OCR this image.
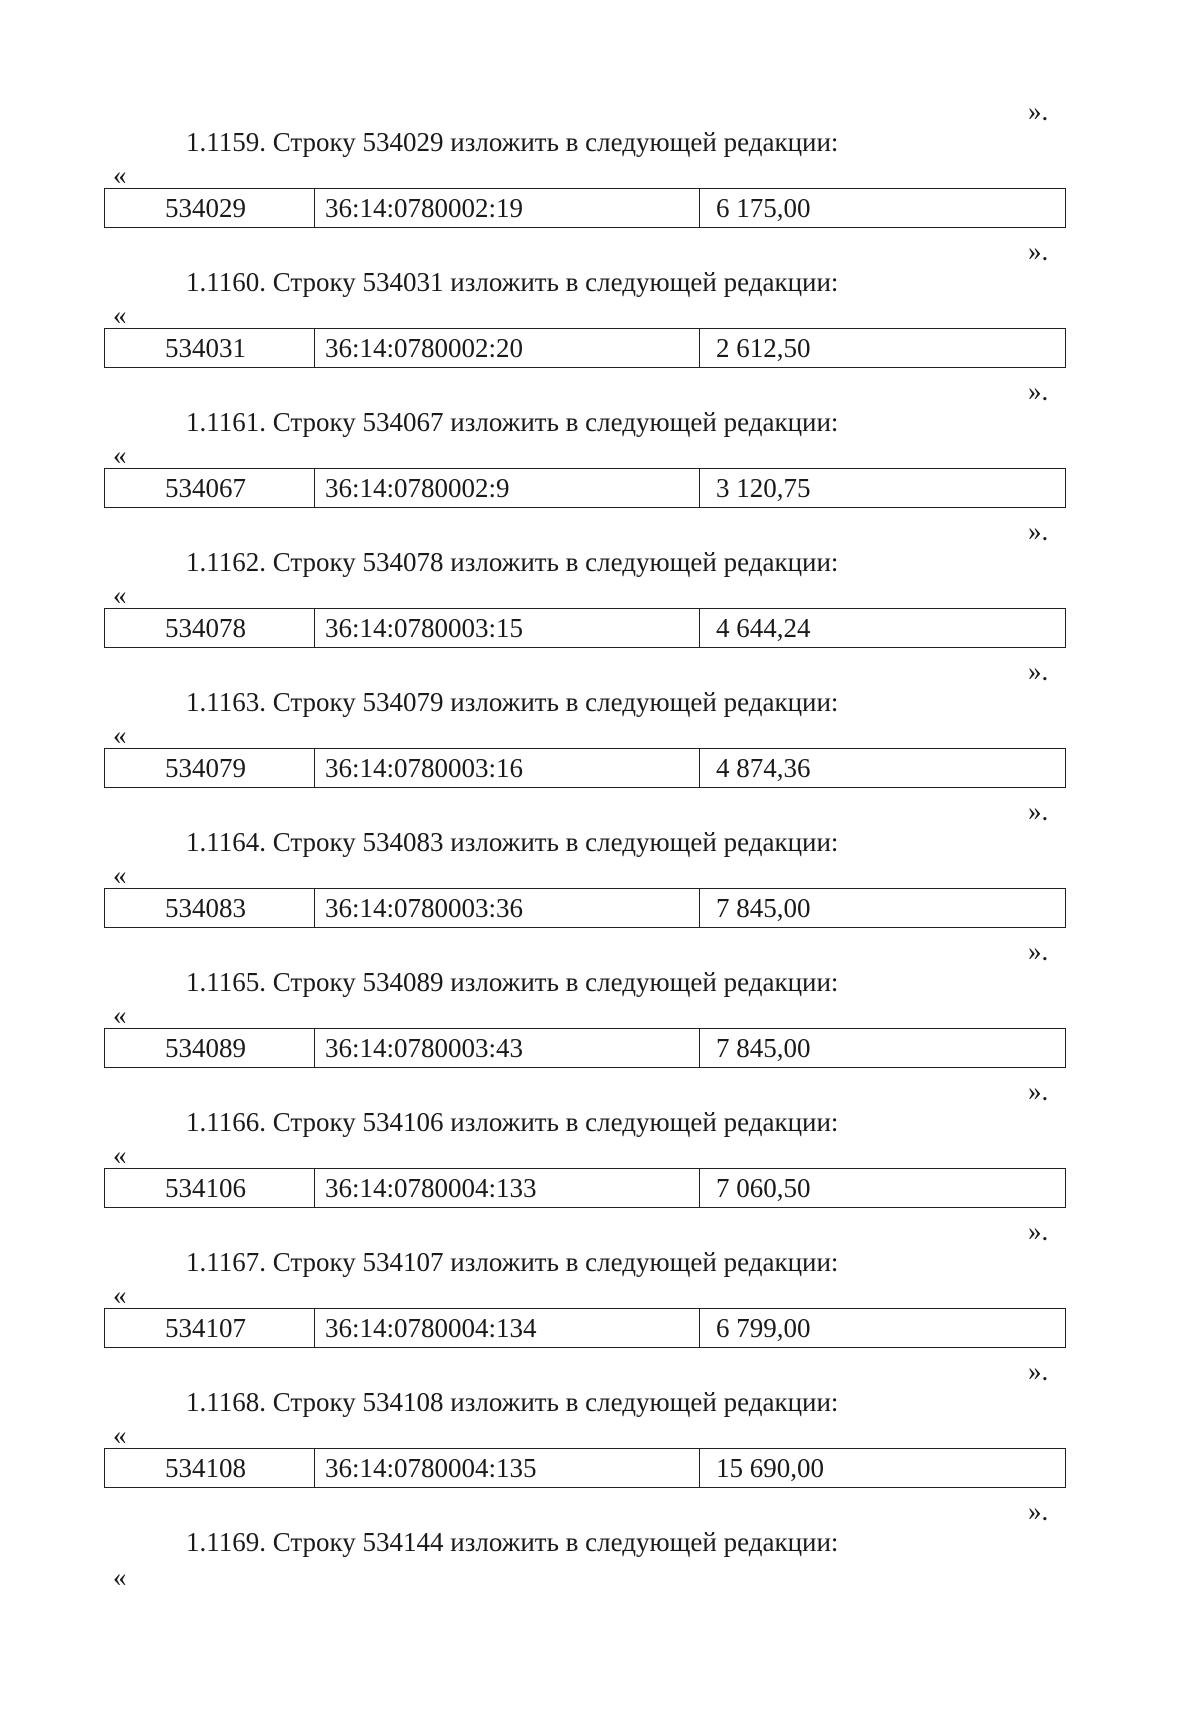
».
1.1159. Строку 534029 изложить в следующей редакции:
«
534029	36:14:0780002:19	6 175,00
».
1.1160. Строку 534031 изложить в следующей редакции:
«
534031	36:14:0780002:20	2 612,50
».
1.1161. Строку 534067 изложить в следующей редакции:
«
534067	36:14:0780002:9	3 120,75
».
1.1162. Строку 534078 изложить в следующей редакции:
«
534078	36:14:0780003:15	4 644,24
».
1.1163. Строку 534079 изложить в следующей редакции:
«
534079	36:14:0780003:16	4 874,36
».
1.1164. Строку 534083 изложить в следующей редакции:
«
534083	36:14:0780003:36	7 845,00
».
1.1165. Строку 534089 изложить в следующей редакции:
«
534089	36:14:0780003:43	7 845,00
».
1.1166. Строку 534106 изложить в следующей редакции:
«
534106	36:14:0780004:133	7 060,50
».
1.1167. Строку 534107 изложить в следующей редакции:
«
534107	36:14:0780004:134	6 799,00
».
1.1168. Строку 534108 изложить в следующей редакции:
«
534108	36:14:0780004:135	15 690,00
».
1.1169. Строку 534144 изложить в следующей редакции:
«
